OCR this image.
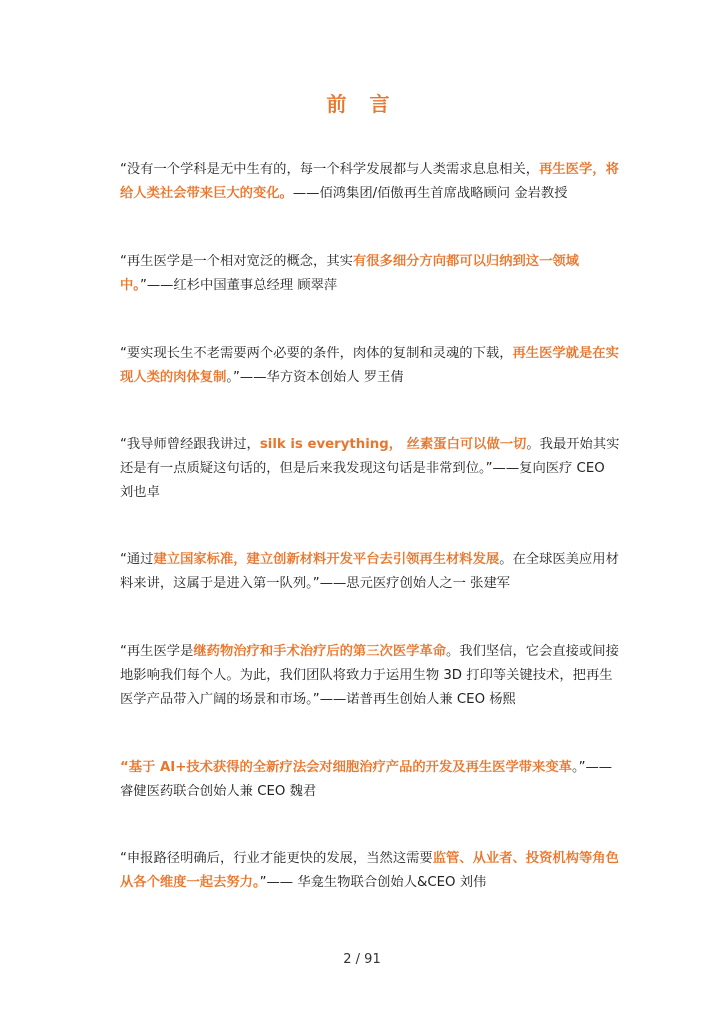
前 言

“没有一个学科是无中生有的，每一个科学发展都与人类需求息息相关，再生医学，将给人类社会带来巨大的变化。——佰鸿集团/佰傲再生首席战略顾问 金岩教授

“再生医学是一个相对宽泛的概念，其实有很多细分方向都可以归纳到这一领域中。”——红杉中国董事总经理 顾翠萍

“要实现长生不老需要两个必要的条件，肉体的复制和灵魂的下载，再生医学就是在实现人类的肉体复制。”——华方资本创始人 罗王倩

“我导师曾经跟我讲过，silk is everything， 丝素蛋白可以做一切。我最开始其实还是有一点质疑这句话的，但是后来我发现这句话是非常到位。”——复向医疗 CEO 刘也卓

“通过建立国家标准，建立创新材料开发平台去引领再生材料发展。在全球医美应用材料来讲，这属于是进入第一队列。”——思元医疗创始人之一 张建军

“再生医学是继药物治疗和手术治疗后的第三次医学革命。我们坚信，它会直接或间接地影响我们每个人。为此，我们团队将致力于运用生物 3D 打印等关键技术，把再生医学产品带入广阔的场景和市场。”——诺普再生创始人兼 CEO 杨熙

“基于 AI+技术获得的全新疗法会对细胞治疗产品的开发及再生医学带来变革。”——睿健医药联合创始人兼 CEO 魏君

“申报路径明确后，行业才能更快的发展，当然这需要监管、从业者、投资机构等角色从各个维度一起去努力。”—— 华龛生物联合创始人&CEO 刘伟

2 / 91
